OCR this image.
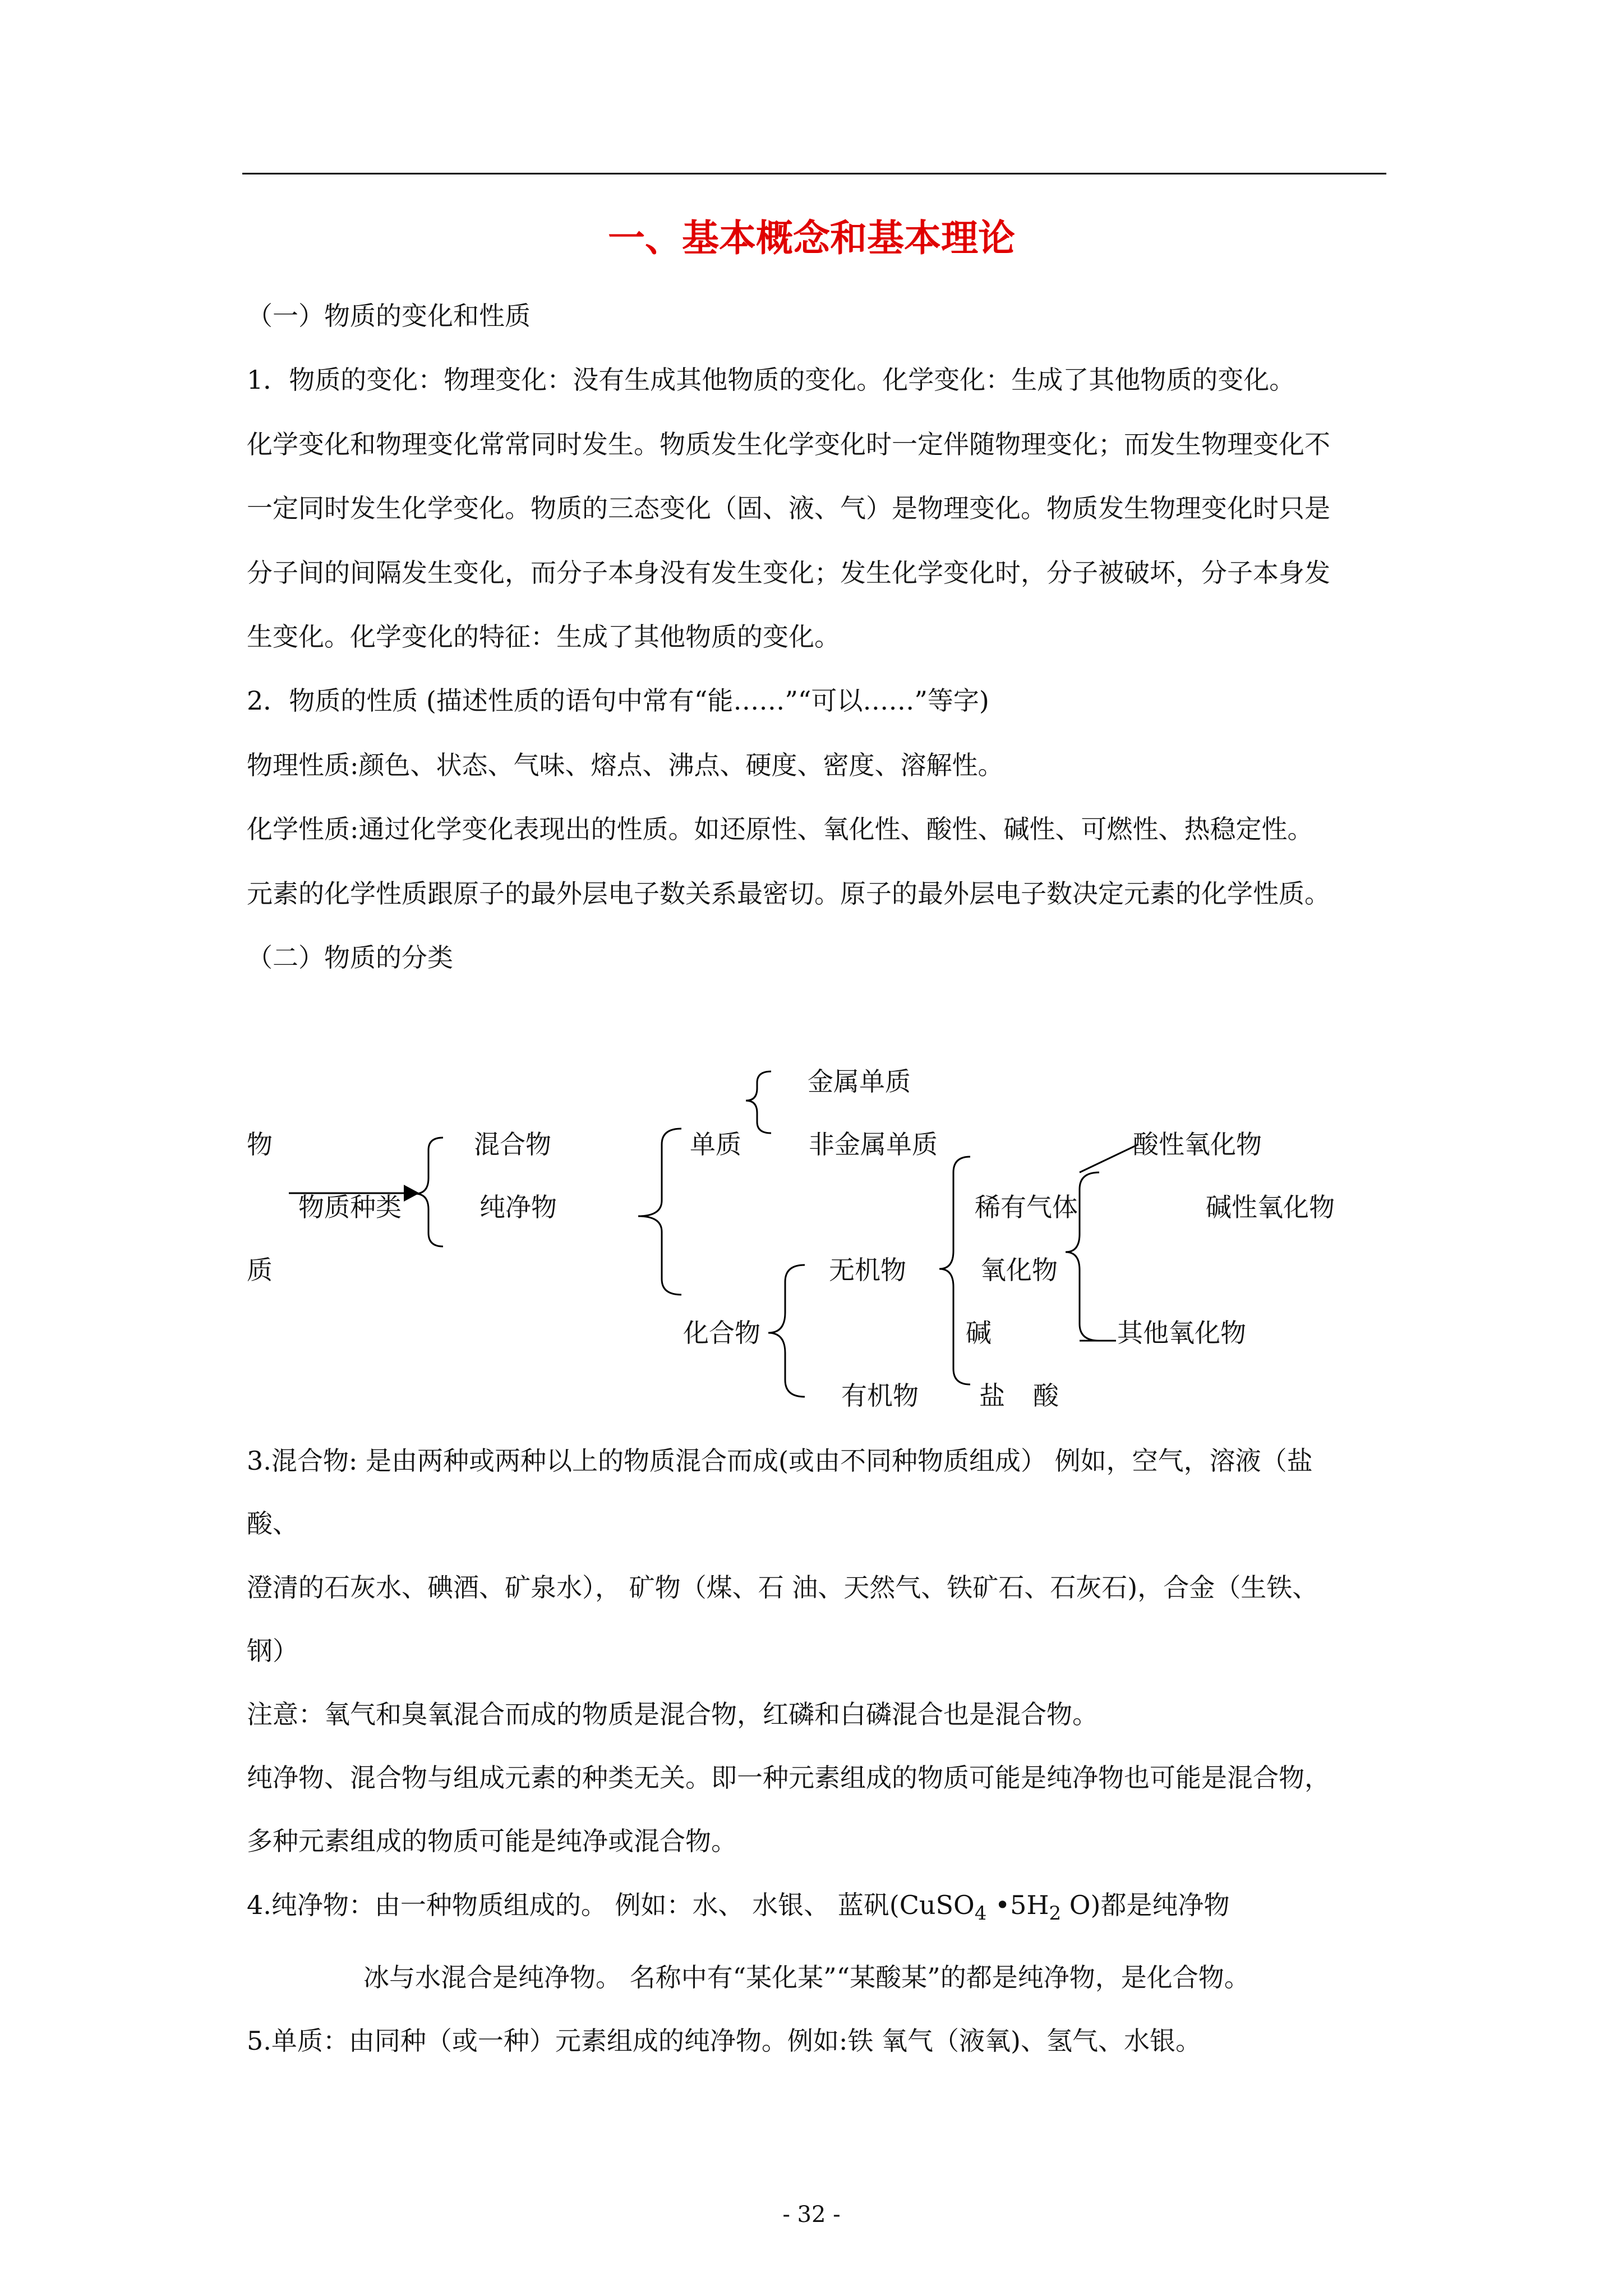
一、基本概念和基本理论
（一）物质的变化和性质
1．物质的变化：物理变化：没有生成其他物质的变化。化学变化：生成了其他物质的变化。
化学变化和物理变化常常同时发生。物质发生化学变化时一定伴随物理变化；而发生物理变化不
一定同时发生化学变化。物质的三态变化（固、液、气）是物理变化。物质发生物理变化时只是
分子间的间隔发生变化，而分子本身没有发生变化；发生化学变化时，分子被破坏，分子本身发
生变化。化学变化的特征：生成了其他物质的变化。
2．物质的性质 (描述性质的语句中常有“能……”“可以……”等字)
物理性质:颜色、状态、气味、熔点、沸点、硬度、密度、溶解性。
化学性质:通过化学变化表现出的性质。如还原性、氧化性、酸性、碱性、可燃性、热稳定性。
元素的化学性质跟原子的最外层电子数关系最密切。原子的最外层电子数决定元素的化学性质。
（二）物质的分类
物
质
物质种类
混合物
纯净物
单质
金属单质
非金属单质
化合物
无机物
有机物
稀有气体
氧化物
碱
盐 酸
酸性氧化物
碱性氧化物
其他氧化物
3.混合物: 是由两种或两种以上的物质混合而成(或由不同种物质组成） 例如，空气，溶液（盐
酸、
澄清的石灰水、碘酒、矿泉水）， 矿物（煤、石 油、天然气、铁矿石、石灰石)，合金（生铁、
钢）
注意：氧气和臭氧混合而成的物质是混合物，红磷和白磷混合也是混合物。
纯净物、混合物与组成元素的种类无关。即一种元素组成的物质可能是纯净物也可能是混合物，
多种元素组成的物质可能是纯净或混合物。
4.纯净物：由一种物质组成的。 例如：水、 水银、 蓝矾(CuSO$_4$ $•5H_2$ O)都是纯净物
冰与水混合是纯净物。 名称中有“某化某”“某酸某”的都是纯净物，是化合物。
5.单质：由同种（或一种）元素组成的纯净物。例如:铁 氧气（液氧)、氢气、水银。
- 32 -
